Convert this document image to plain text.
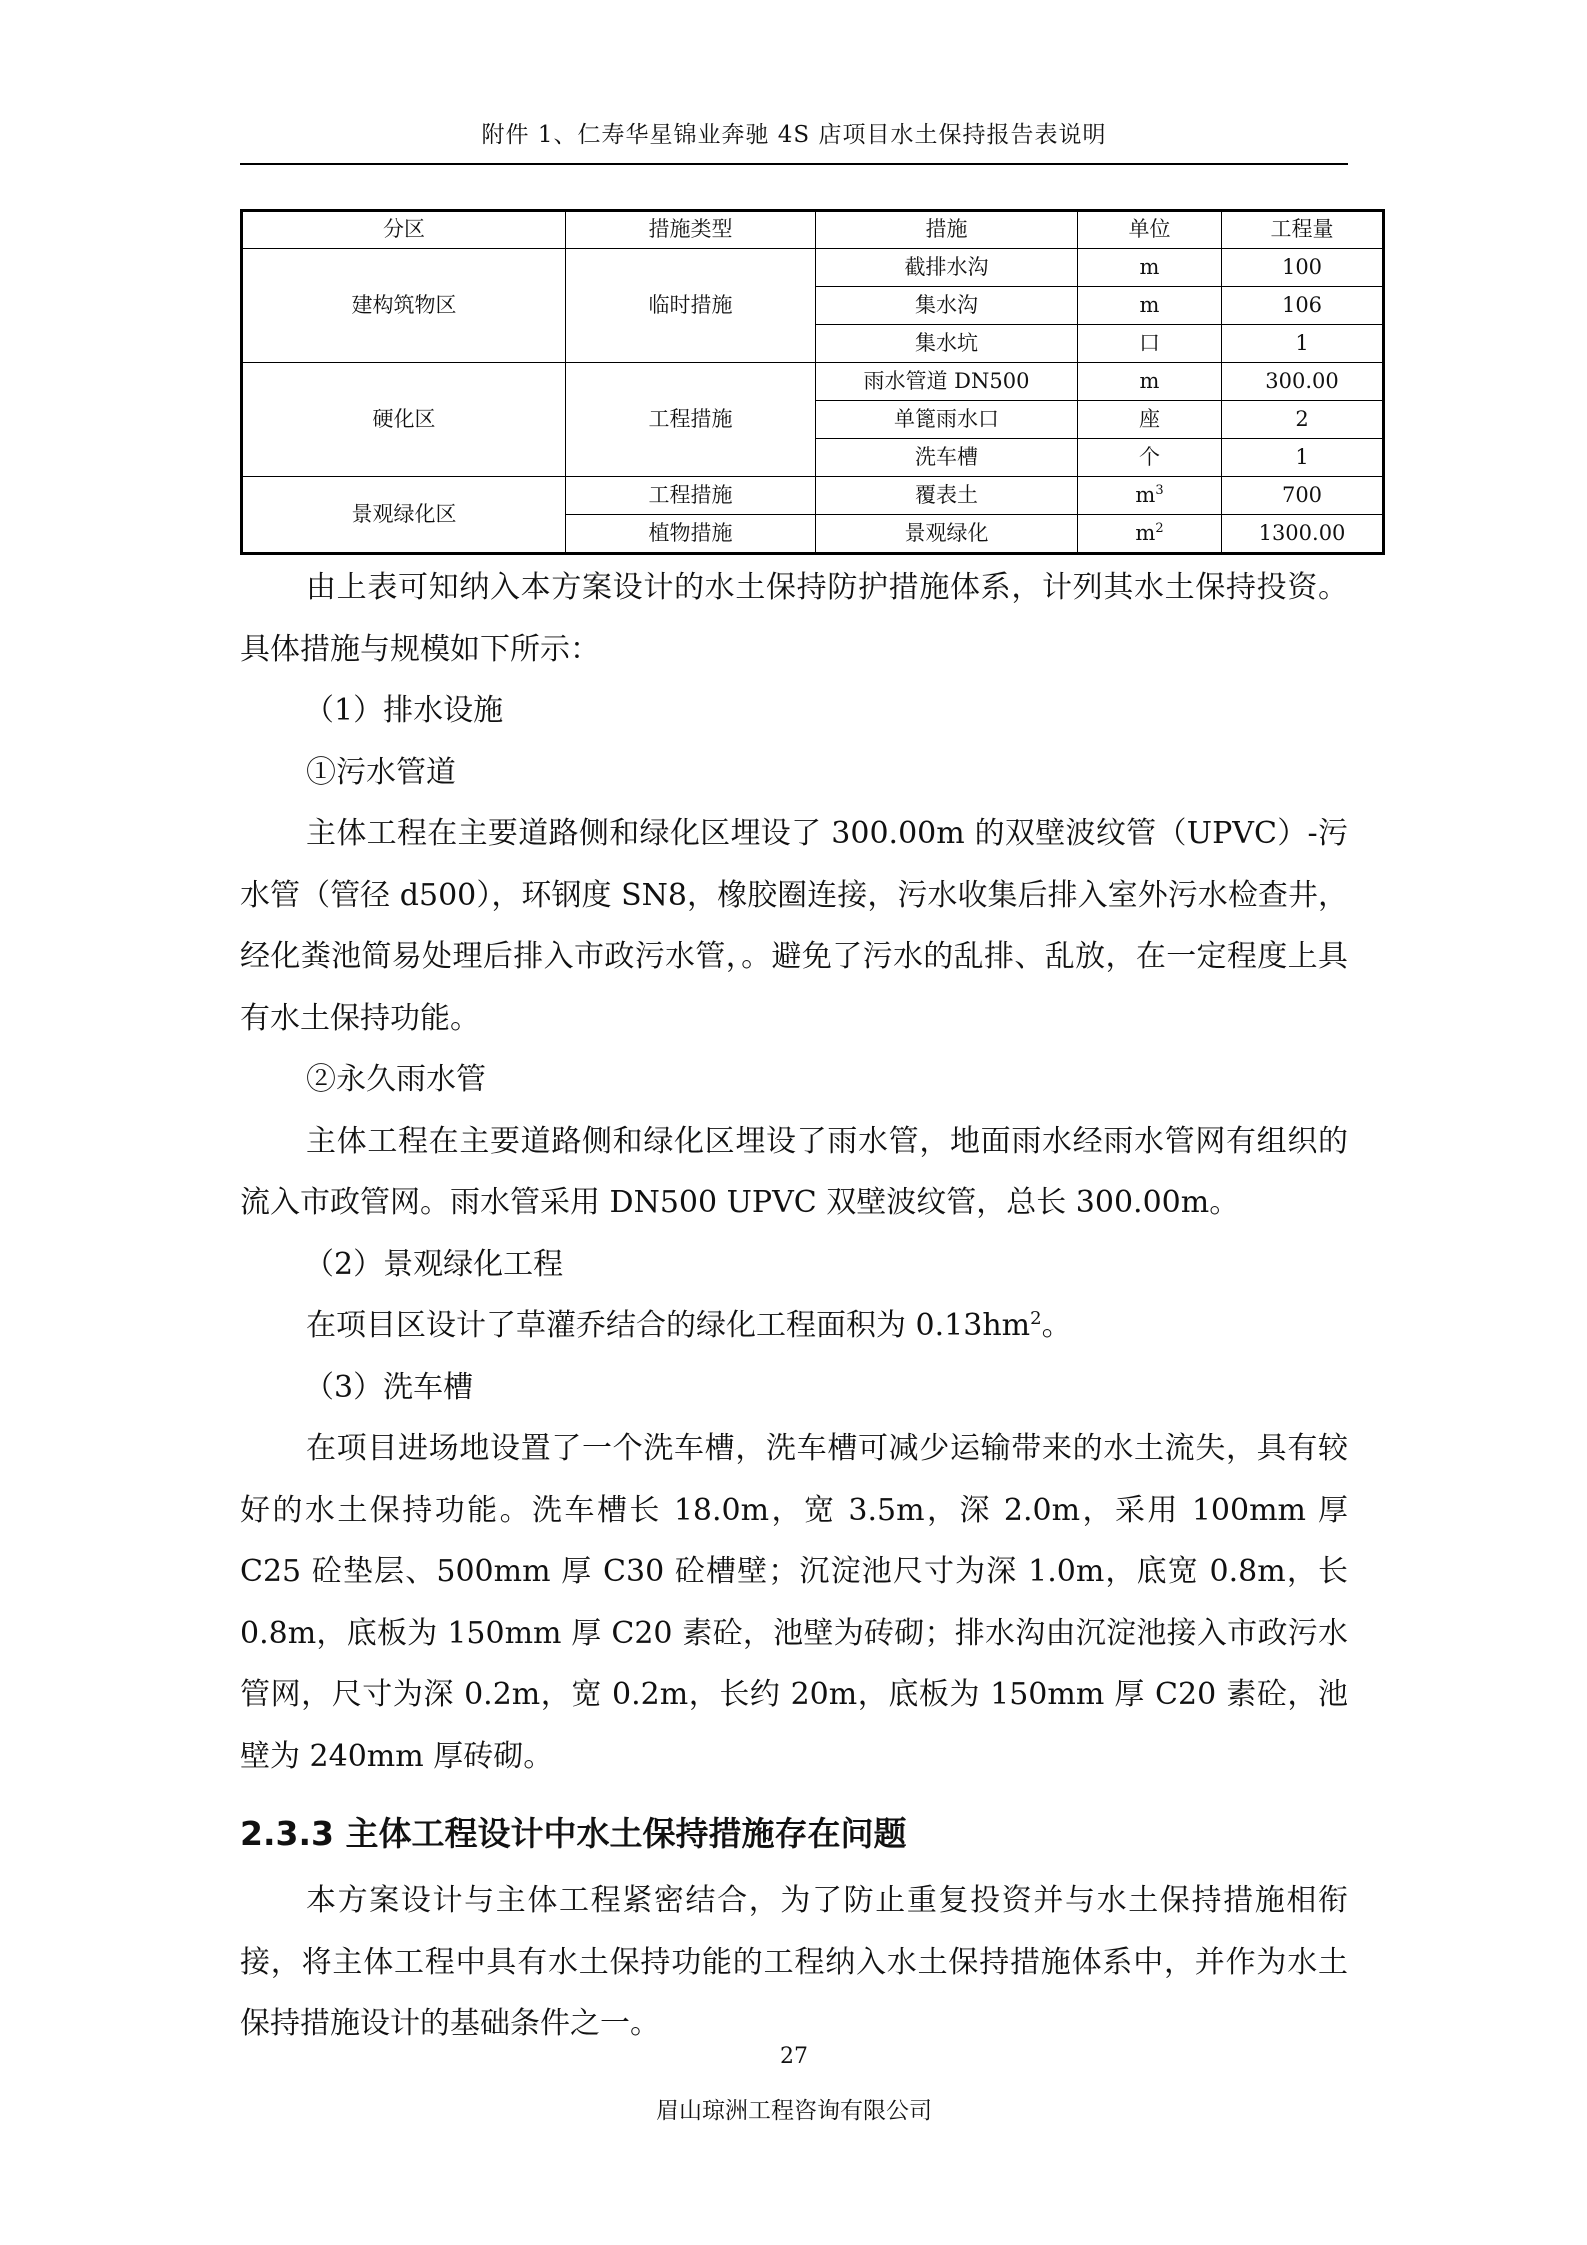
附件 1、仁寿华星锦业奔驰 4S 店项目水土保持报告表说明
分区	措施类型	措施	单位	工程量
建构筑物区	临时措施	截排水沟	m	100
		集水沟	m	106
		集水坑	口	1
硬化区	工程措施	雨水管道 DN500	m	300.00
		单篦雨水口	座	2
		洗车槽	个	1
景观绿化区	工程措施	覆表土	$m^3$	700
	植物措施	景观绿化	$m^2$	1300.00

由上表可知纳入本方案设计的水土保持防护措施体系，计列其水土保持投资。具体措施与规模如下所示：

（1）排水设施

①污水管道

主体工程在主要道路侧和绿化区埋设了 300.00m 的双壁波纹管（UPVC）-污水管（管径 d500），环钢度 SN8，橡胶圈连接，污水收集后排入室外污水检查井，经化粪池简易处理后排入市政污水管，。避免了污水的乱排、乱放，在一定程度上具有水土保持功能。

②永久雨水管

主体工程在主要道路侧和绿化区埋设了雨水管，地面雨水经雨水管网有组织的流入市政管网。雨水管采用 DN500 UPVC 双壁波纹管，总长 300.00m。

（2）景观绿化工程

在项目区设计了草灌乔结合的绿化工程面积为 $0.13hm^2$。

（3）洗车槽

在项目进场地设置了一个洗车槽，洗车槽可减少运输带来的水土流失，具有较好的水土保持功能。洗车槽长 18.0m，宽 3.5m，深 2.0m，采用 100mm 厚 C25 砼垫层、500mm 厚 C30 砼槽壁；沉淀池尺寸为深 1.0m，底宽 0.8m，长 0.8m，底板为 150mm 厚 C20 素砼，池壁为砖砌；排水沟由沉淀池接入市政污水管网，尺寸为深 0.2m，宽 0.2m，长约 20m，底板为 150mm 厚 C20 素砼，池壁为 240mm 厚砖砌。

2.3.3 主体工程设计中水土保持措施存在问题

本方案设计与主体工程紧密结合，为了防止重复投资并与水土保持措施相衔接，将主体工程中具有水土保持功能的工程纳入水土保持措施体系中，并作为水土保持措施设计的基础条件之一。

27
眉山琼洲工程咨询有限公司
